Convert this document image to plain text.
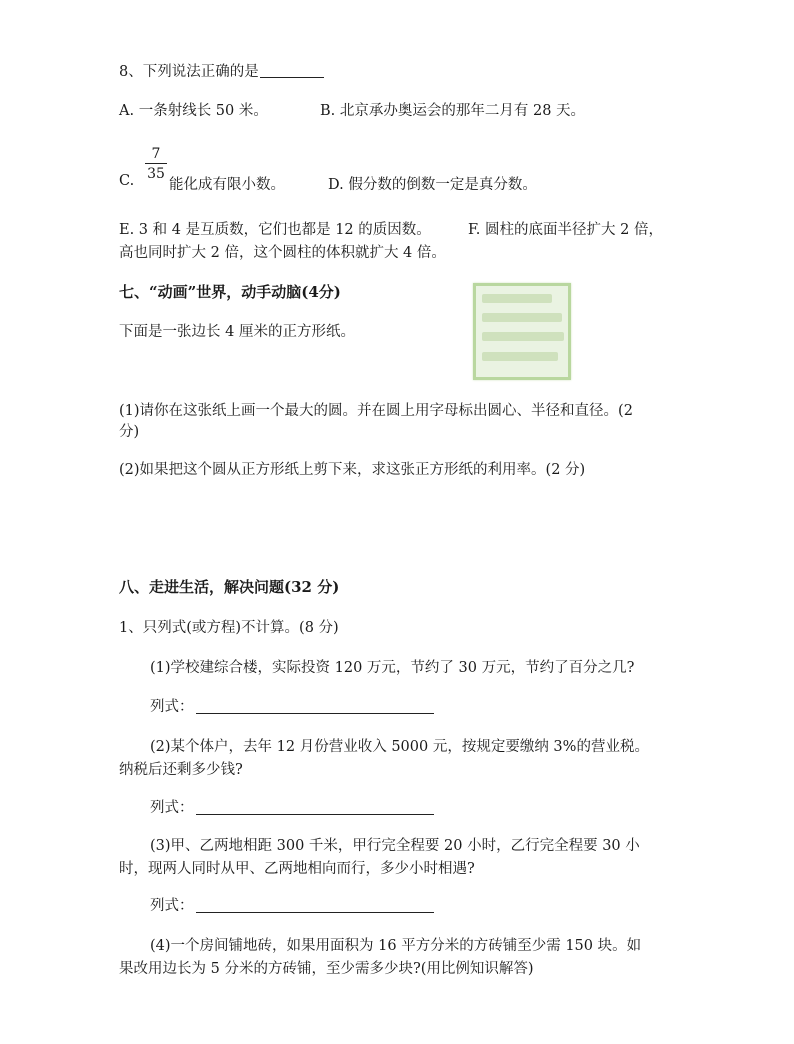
8、下列说法正确的是
A. 一条射线长 50 米。	B. 北京承办奥运会的那年二月有 28 天。
$\frac{7}{35}$
C. 能化成有限小数。	D. 假分数的倒数一定是真分数。
E. 3 和 4 是互质数，它们也都是 12 的质因数。	F. 圆柱的底面半径扩大 2 倍，
高也同时扩大 2 倍，这个圆柱的体积就扩大 4 倍。
七、“动画”世界，动手动脑(4分)
下面是一张边长 4 厘米的正方形纸。
(1)请你在这张纸上画一个最大的圆。并在圆上用字母标出圆心、半径和直径。(2
分)
(2)如果把这个圆从正方形纸上剪下来，求这张正方形纸的利用率。(2 分)
八、走进生活，解决问题(32 分)
1、只列式(或方程)不计算。(8 分)
(1)学校建综合楼，实际投资 120 万元，节约了 30 万元，节约了百分之几?
列式：
(2)某个体户，去年 12 月份营业收入 5000 元，按规定要缴纳 3%的营业税。
纳税后还剩多少钱?
列式：
(3)甲、乙两地相距 300 千米，甲行完全程要 20 小时，乙行完全程要 30 小
时，现两人同时从甲、乙两地相向而行，多少小时相遇?
列式：
(4)一个房间铺地砖，如果用面积为 16 平方分米的方砖铺至少需 150 块。如
果改用边长为 5 分米的方砖铺，至少需多少块?(用比例知识解答)
